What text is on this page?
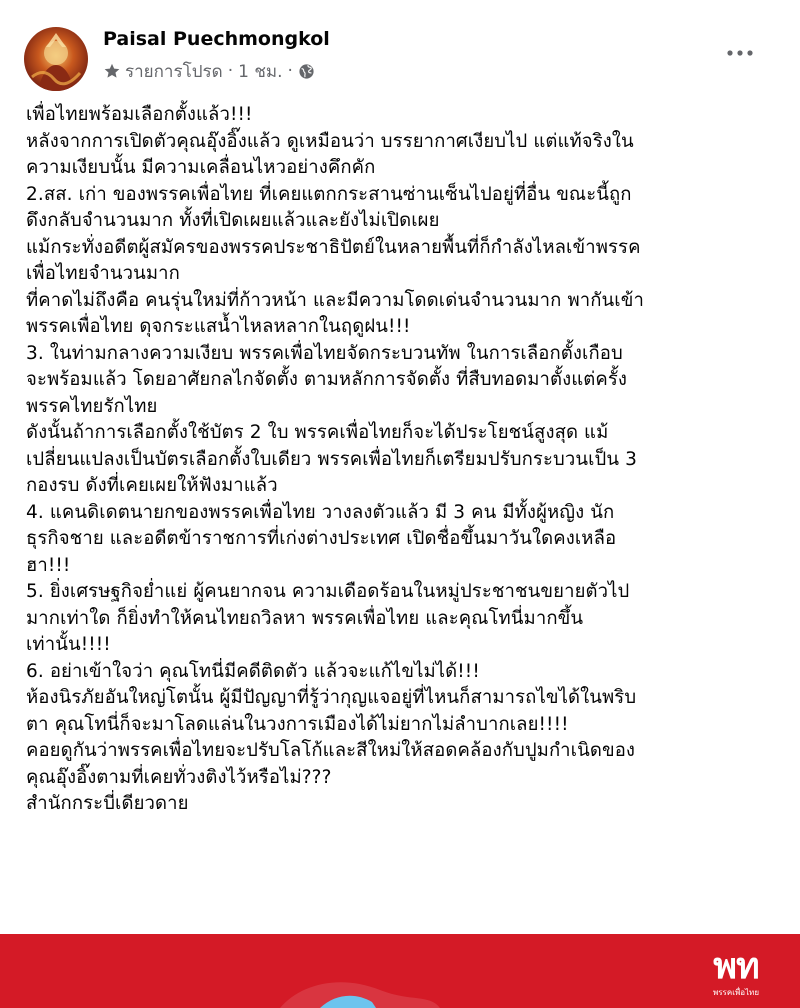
Paisal Puechmongkol
รายการโปรด · 1 ชม. ·
เพื่อไทยพร้อมเลือกตั้งแล้ว!!!
หลังจากการเปิดตัวคุณอุ๊งอิ๊งแล้ว ดูเหมือนว่า บรรยากาศเงียบไป แต่แท้จริงใน
ความเงียบนั้น มีความเคลื่อนไหวอย่างคึกคัก
2.สส. เก่า ของพรรคเพื่อไทย ที่เคยแตกกระสานซ่านเซ็นไปอยู่ที่อื่น ขณะนี้ถูก
ดึงกลับจำนวนมาก ทั้งที่เปิดเผยแล้วและยังไม่เปิดเผย
แม้กระทั่งอดีตผู้สมัครของพรรคประชาธิปัตย์ในหลายพื้นที่ก็กำลังไหลเข้าพรรค
เพื่อไทยจำนวนมาก
ที่คาดไม่ถึงคือ คนรุ่นใหม่ที่ก้าวหน้า และมีความโดดเด่นจำนวนมาก พากันเข้า
พรรคเพื่อไทย ดุจกระแสน้ำไหลหลากในฤดูฝน!!!
3. ในท่ามกลางความเงียบ พรรคเพื่อไทยจัดกระบวนทัพ ในการเลือกตั้งเกือบ
จะพร้อมแล้ว โดยอาศัยกลไกจัดตั้ง ตามหลักการจัดตั้ง ที่สืบทอดมาตั้งแต่ครั้ง
พรรคไทยรักไทย
ดังนั้นถ้าการเลือกตั้งใช้บัตร 2 ใบ พรรคเพื่อไทยก็จะได้ประโยชน์สูงสุด แม้
เปลี่ยนแปลงเป็นบัตรเลือกตั้งใบเดียว พรรคเพื่อไทยก็เตรียมปรับกระบวนเป็น 3
กองรบ ดังที่เคยเผยให้ฟังมาแล้ว
4. แคนดิเดตนายกของพรรคเพื่อไทย วางลงตัวแล้ว มี 3 คน มีทั้งผู้หญิง นัก
ธุรกิจชาย และอดีตข้าราชการที่เก่งต่างประเทศ เปิดชื่อขึ้นมาวันใดคงเหลือ
ฮา!!!
5. ยิ่งเศรษฐกิจย่ำแย่ ผู้คนยากจน ความเดือดร้อนในหมู่ประชาชนขยายตัวไป
มากเท่าใด ก็ยิ่งทำให้คนไทยถวิลหา พรรคเพื่อไทย และคุณโทนี่มากขึ้น
เท่านั้น!!!!
6. อย่าเข้าใจว่า คุณโทนี่มีคดีติดตัว แล้วจะแก้ไขไม่ได้!!!
ห้องนิรภัยอันใหญ่โตนั้น ผู้มีปัญญาที่รู้ว่ากุญแจอยู่ที่ไหนก็สามารถไขได้ในพริบ
ตา คุณโทนี่ก็จะมาโลดแล่นในวงการเมืองได้ไม่ยากไม่ลำบากเลย!!!!
คอยดูกันว่าพรรคเพื่อไทยจะปรับโลโก้และสีใหม่ให้สอดคล้องกับปูมกำเนิดของ
คุณอุ๊งอิ๊งตามที่เคยทั่วงติงไว้หรือไม่???
สำนักกระบี่เดียวดาย
พท
พรรคเพื่อไทย
